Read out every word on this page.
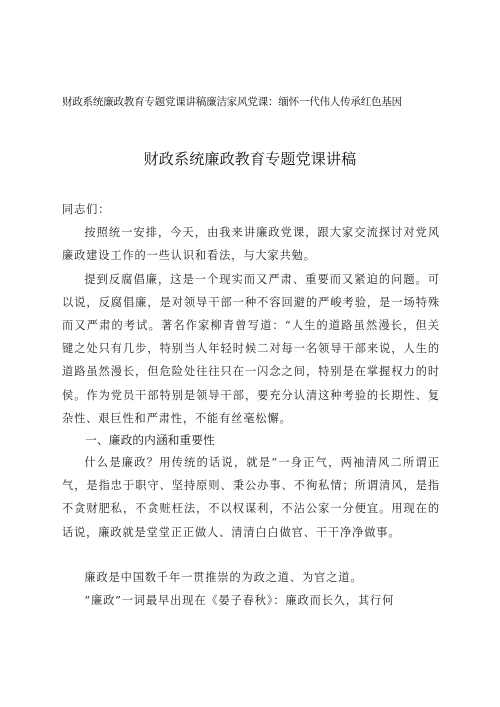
财政系统廉政教育专题党课讲稿廉洁家风党课：缅怀一代伟人传承红色基因
财政系统廉政教育专题党课讲稿

同志们：

按照统一安排，今天，由我来讲廉政党课，跟大家交流探讨对党风廉政建设工作的一些认识和看法，与大家共勉。

提到反腐倡廉，这是一个现实而又严肃、重要而又紧迫的问题。可以说，反腐倡廉，是对领导干部一种不容回避的严峻考验，是一场特殊而又严肃的考试。著名作家柳青曾写道：“人生的道路虽然漫长，但关键之处只有几步，特别当人年轻时候二对每一名领导干部来说，人生的道路虽然漫长，但危险处往往只在一闪念之间，特别是在掌握权力的时侯。作为党员干部特别是领导干部，要充分认清这种考验的长期性、复杂性、艰巨性和严肃性，不能有丝毫松懈。

一、廉政的内涵和重要性

什么是廉政？用传统的话说，就是“一身正气，两袖清风二所谓正气，是指忠于职守、坚持原则、秉公办事、不徇私情；所谓清风，是指不贪财肥私，不贪赃枉法，不以权谋利，不沾公家一分便宜。用现在的话说，廉政就是堂堂正正做人、清清白白做官、干干净净做事。

廉政是中国数千年一贯推崇的为政之道、为官之道。

“廉政”一词最早出现在《晏子春秋》：廉政而长久，其行何
